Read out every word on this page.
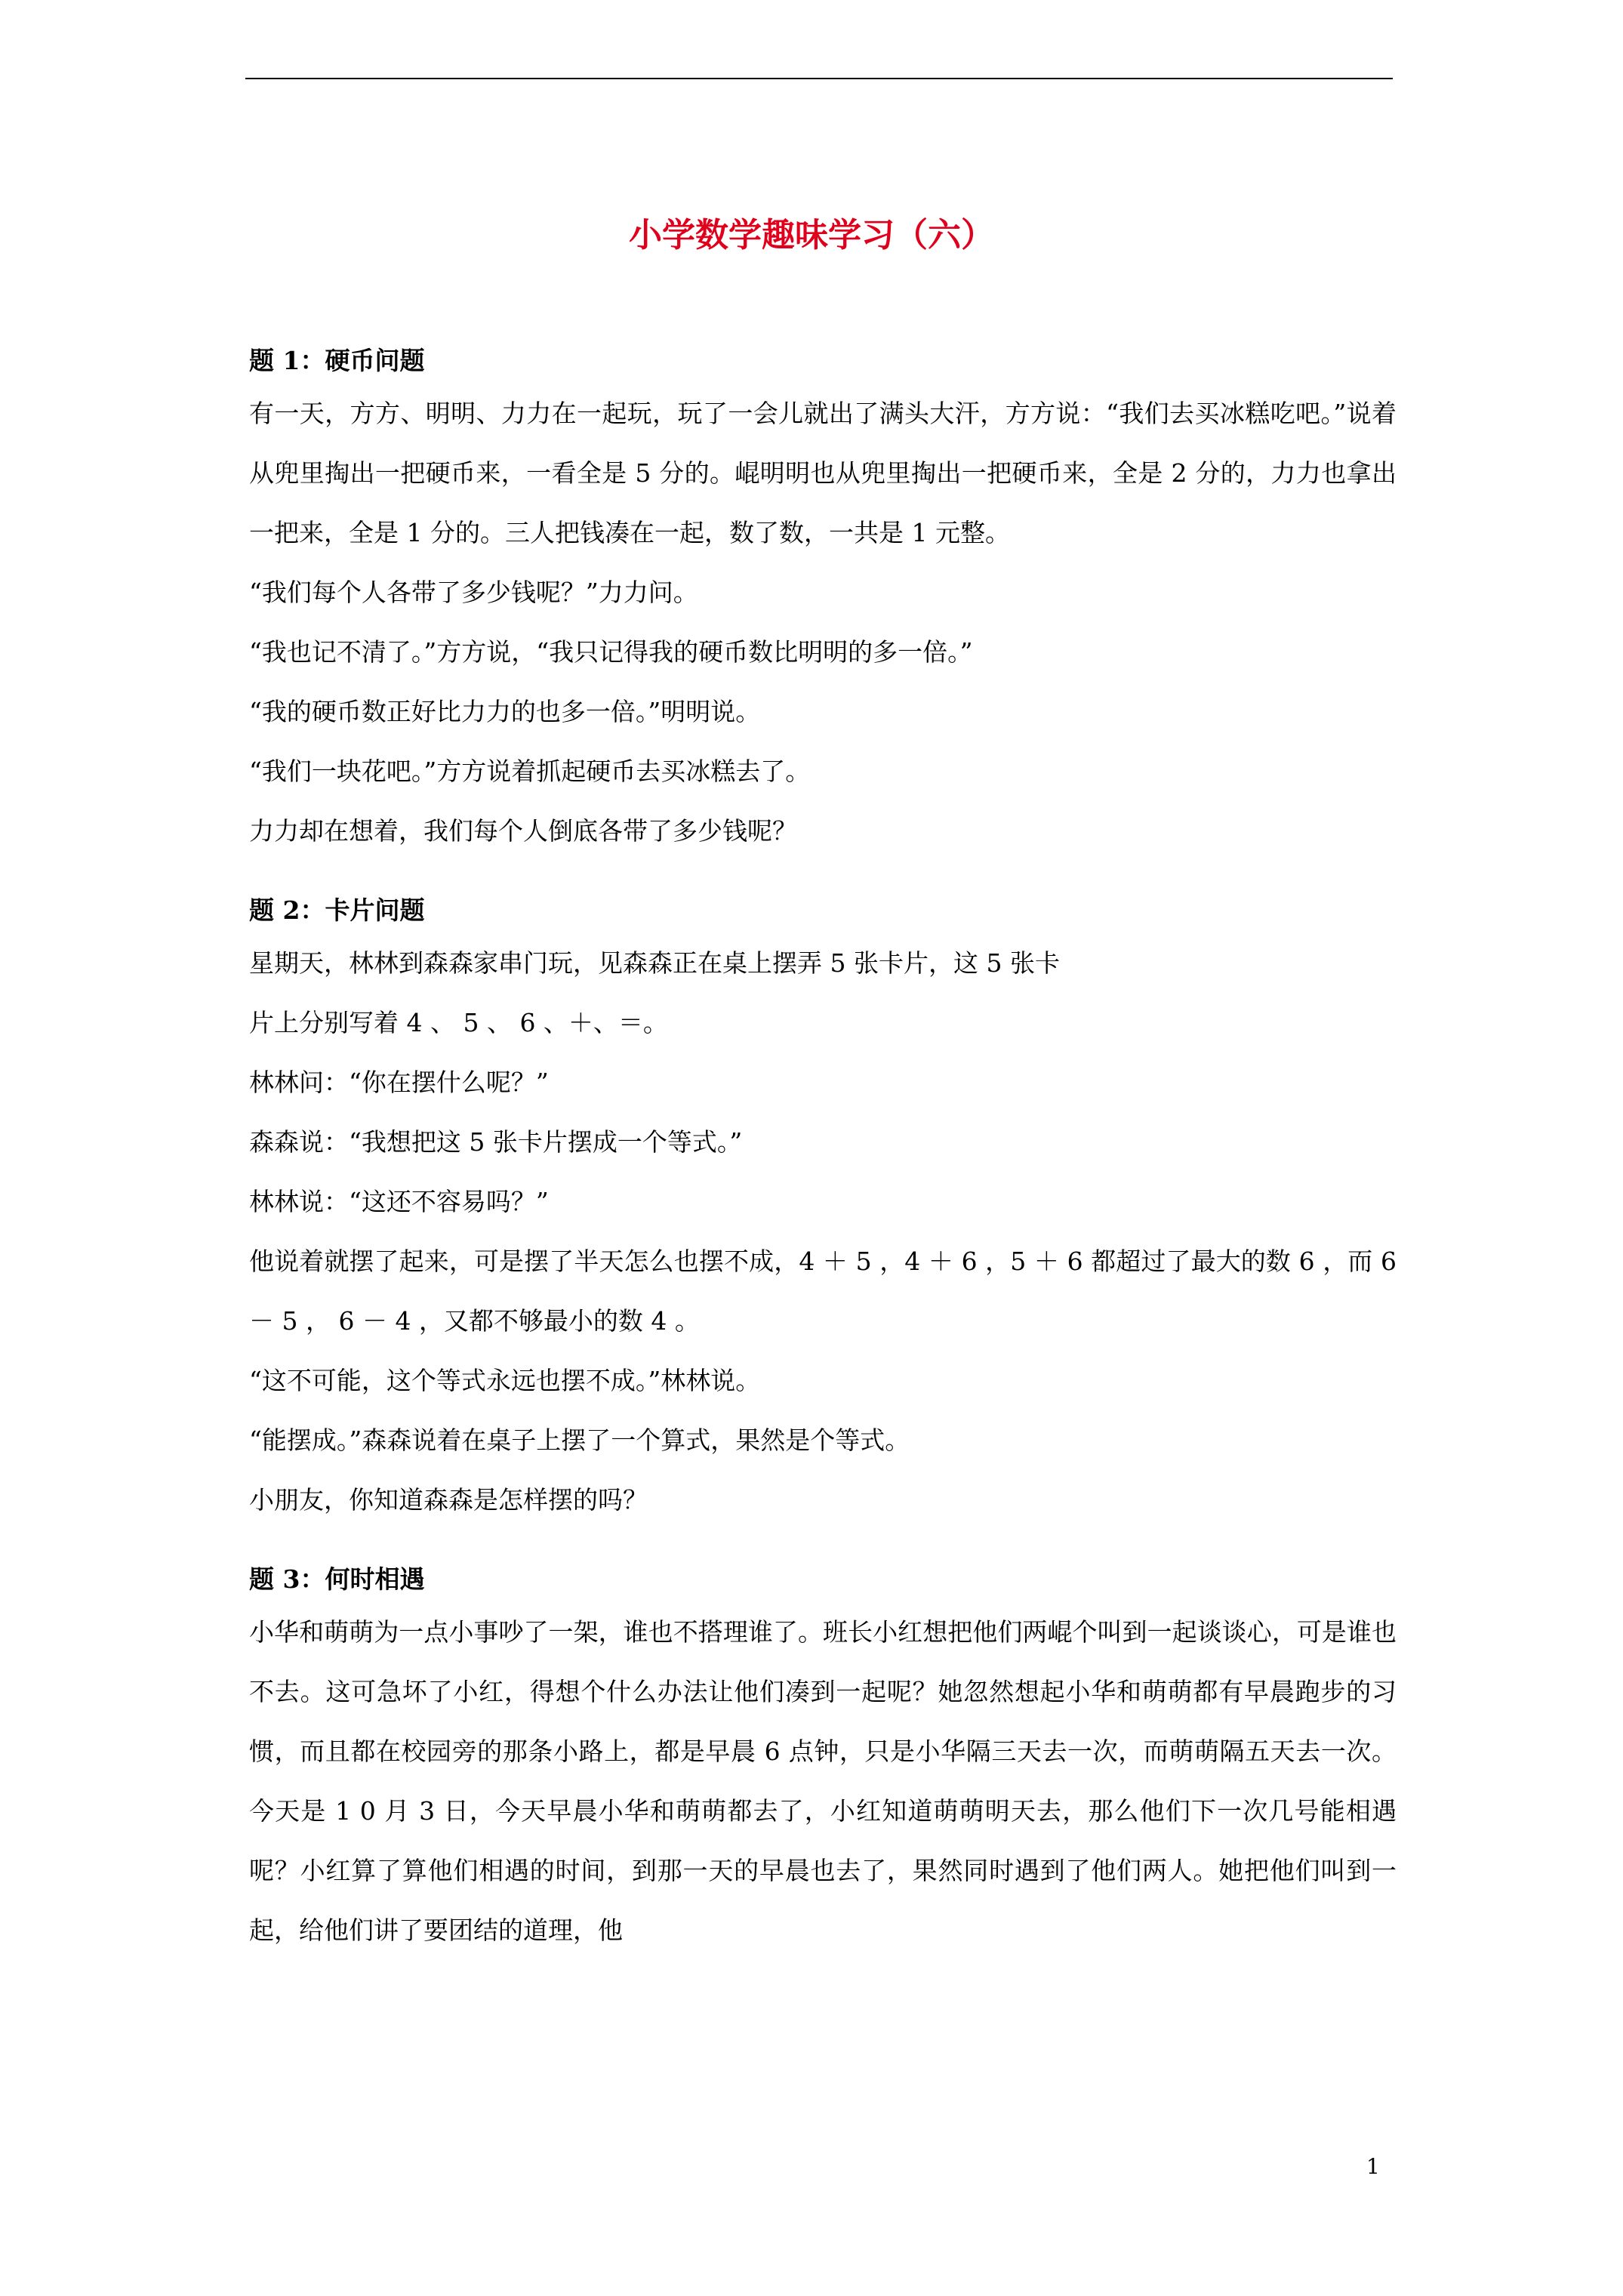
小学数学趣味学习（六）
题 1：硬币问题

有一天，方方、明明、力力在一起玩，玩了一会儿就出了满头大汗，方方说：“我们去买冰糕吃吧。”说着从兜里掏出一把硬币来，一看全是 5 分的。崐明明也从兜里掏出一把硬币来，全是 2 分的，力力也拿出一把来，全是 1 分的。三人把钱凑在一起，数了数，一共是 1 元整。

“我们每个人各带了多少钱呢？”力力问。

“我也记不清了。”方方说，“我只记得我的硬币数比明明的多一倍。”

“我的硬币数正好比力力的也多一倍。”明明说。

“我们一块花吧。”方方说着抓起硬币去买冰糕去了。

力力却在想着，我们每个人倒底各带了多少钱呢？

题 2：卡片问题

星期天，林林到森森家串门玩，见森森正在桌上摆弄 5 张卡片，这 5 张卡

片上分别写着 4 、 5 、 6 、＋、＝。

林林问：“你在摆什么呢？”

森森说：“我想把这 5 张卡片摆成一个等式。”

林林说：“这还不容易吗？”

他说着就摆了起来，可是摆了半天怎么也摆不成，4 ＋ 5 ，4 ＋ 6 ，5 ＋ 6 都超过了最大的数 6 ，而 6 － 5 ， 6 － 4 ，又都不够最小的数 4 。

“这不可能，这个等式永远也摆不成。”林林说。

“能摆成。”森森说着在桌子上摆了一个算式，果然是个等式。

小朋友，你知道森森是怎样摆的吗？

题 3：何时相遇

小华和萌萌为一点小事吵了一架，谁也不搭理谁了。班长小红想把他们两崐个叫到一起谈谈心，可是谁也不去。这可急坏了小红，得想个什么办法让他们凑到一起呢？她忽然想起小华和萌萌都有早晨跑步的习惯，而且都在校园旁的那条小路上，都是早晨 6 点钟，只是小华隔三天去一次，而萌萌隔五天去一次。今天是 1 0 月 3 日，今天早晨小华和萌萌都去了，小红知道萌萌明天去，那么他们下一次几号能相遇呢？小红算了算他们相遇的时间，到那一天的早晨也去了，果然同时遇到了他们两人。她把他们叫到一起，给他们讲了要团结的道理，他

1
